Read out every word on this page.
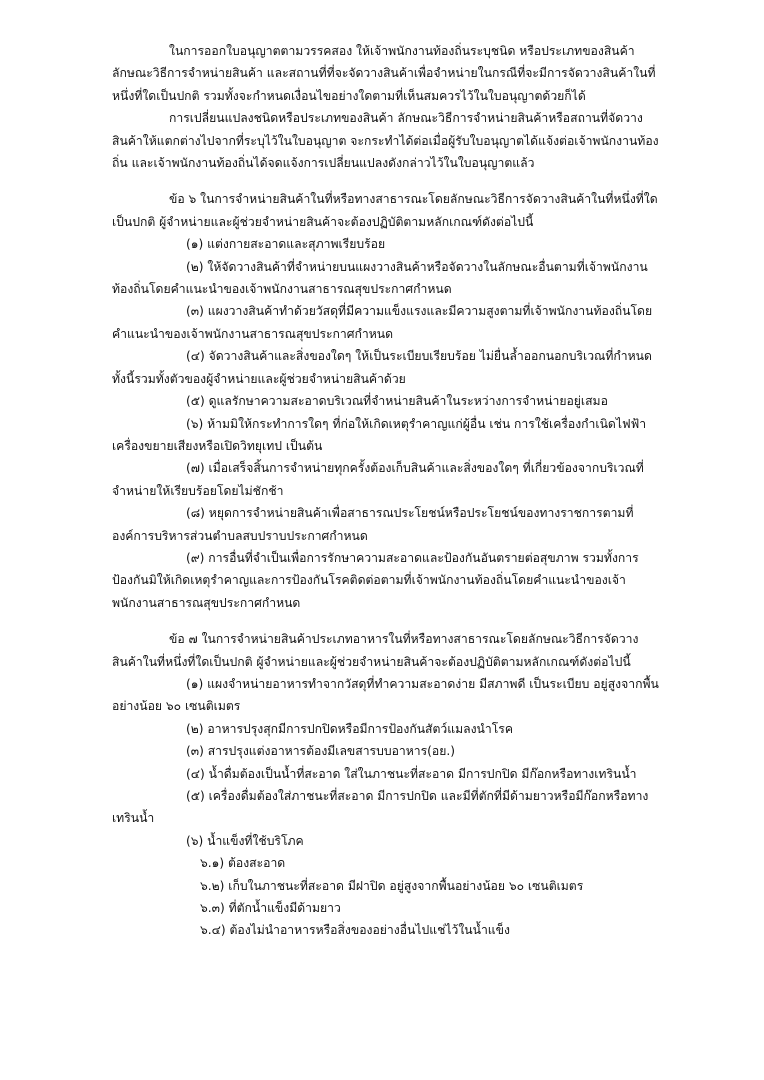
ในการออกใบอนุญาตตามวรรคสอง ให้เจ้าพนักงานท้องถิ่นระบุชนิด หรือประเภทของสินค้า ลักษณะวิธีการจำหน่ายสินค้า และสถานที่ที่จะจัดวางสินค้าเพื่อจำหน่ายในกรณีที่จะมีการจัดวางสินค้าในที่หนึ่งที่ใดเป็นปกติ รวมทั้งจะกำหนดเงื่อนไขอย่างใดตามที่เห็นสมควรไว้ในใบอนุญาตด้วยก็ได้

การเปลี่ยนแปลงชนิดหรือประเภทของสินค้า ลักษณะวิธีการจำหน่ายสินค้าหรือสถานที่จัดวางสินค้าให้แตกต่างไปจากที่ระบุไว้ในใบอนุญาต จะกระทำได้ต่อเมื่อผู้รับใบอนุญาตได้แจ้งต่อเจ้าพนักงานท้องถิ่น และเจ้าพนักงานท้องถิ่นได้จดแจ้งการเปลี่ยนแปลงดังกล่าวไว้ในใบอนุญาตแล้ว

ข้อ ๖ ในการจำหน่ายสินค้าในที่หรือทางสาธารณะโดยลักษณะวิธีการจัดวางสินค้าในที่หนึ่งที่ใดเป็นปกติ ผู้จำหน่ายและผู้ช่วยจำหน่ายสินค้าจะต้องปฏิบัติตามหลักเกณฑ์ดังต่อไปนี้

(๑) แต่งกายสะอาดและสุภาพเรียบร้อย

(๒) ให้จัดวางสินค้าที่จำหน่ายบนแผงวางสินค้าหรือจัดวางในลักษณะอื่นตามที่เจ้าพนักงานท้องถิ่นโดยคำแนะนำของเจ้าพนักงานสาธารณสุขประกาศกำหนด

(๓) แผงวางสินค้าทำด้วยวัสดุที่มีความแข็งแรงและมีความสูงตามที่เจ้าพนักงานท้องถิ่นโดยคำแนะนำของเจ้าพนักงานสาธารณสุขประกาศกำหนด

(๔) จัดวางสินค้าและสิ่งของใดๆ ให้เป็นระเบียบเรียบร้อย ไม่ยื่นล้ำออกนอกบริเวณที่กำหนด ทั้งนี้รวมทั้งตัวของผู้จำหน่ายและผู้ช่วยจำหน่ายสินค้าด้วย

(๕) ดูแลรักษาความสะอาดบริเวณที่จำหน่ายสินค้าในระหว่างการจำหน่ายอยู่เสมอ

(๖) ห้ามมิให้กระทำการใดๆ ที่ก่อให้เกิดเหตุรำคาญแก่ผู้อื่น เช่น การใช้เครื่องกำเนิดไฟฟ้า เครื่องขยายเสียงหรือเปิดวิทยุเทป เป็นต้น

(๗) เมื่อเสร็จสิ้นการจำหน่ายทุกครั้งต้องเก็บสินค้าและสิ่งของใดๆ ที่เกี่ยวข้องจากบริเวณที่จำหน่ายให้เรียบร้อยโดยไม่ชักช้า

(๘) หยุดการจำหน่ายสินค้าเพื่อสาธารณประโยชน์หรือประโยชน์ของทางราชการตามที่องค์การบริหารส่วนตำบลสบปราบประกาศกำหนด

(๙) การอื่นที่จำเป็นเพื่อการรักษาความสะอาดและป้องกันอันตรายต่อสุขภาพ รวมทั้งการป้องกันมิให้เกิดเหตุรำคาญและการป้องกันโรคติดต่อตามที่เจ้าพนักงานท้องถิ่นโดยคำแนะนำของเจ้าพนักงานสาธารณสุขประกาศกำหนด

ข้อ ๗ ในการจำหน่ายสินค้าประเภทอาหารในที่หรือทางสาธารณะโดยลักษณะวิธีการจัดวางสินค้าในที่หนึ่งที่ใดเป็นปกติ ผู้จำหน่ายและผู้ช่วยจำหน่ายสินค้าจะต้องปฏิบัติตามหลักเกณฑ์ดังต่อไปนี้

(๑) แผงจำหน่ายอาหารทำจากวัสดุที่ทำความสะอาดง่าย มีสภาพดี เป็นระเบียบ อยู่สูงจากพื้นอย่างน้อย ๖๐ เซนติเมตร

(๒) อาหารปรุงสุกมีการปกปิดหรือมีการป้องกันสัตว์แมลงนำโรค

(๓) สารปรุงแต่งอาหารต้องมีเลขสารบบอาหาร(อย.)

(๔) น้ำดื่มต้องเป็นน้ำที่สะอาด ใส่ในภาชนะที่สะอาด มีการปกปิด มีก๊อกหรือทางเทรินน้ำ

(๕) เครื่องดื่มต้องใส่ภาชนะที่สะอาด มีการปกปิด และมีที่ตักที่มีด้ามยาวหรือมีก๊อกหรือทางเทรินน้ำ

(๖) น้ำแข็งที่ใช้บริโภค

๖.๑) ต้องสะอาด

๖.๒) เก็บในภาชนะที่สะอาด มีฝาปิด อยู่สูงจากพื้นอย่างน้อย ๖๐ เซนติเมตร

๖.๓) ที่ตักน้ำแข็งมีด้ามยาว

๖.๔) ต้องไม่นำอาหารหรือสิ่งของอย่างอื่นไปแช่ไว้ในน้ำแข็ง
